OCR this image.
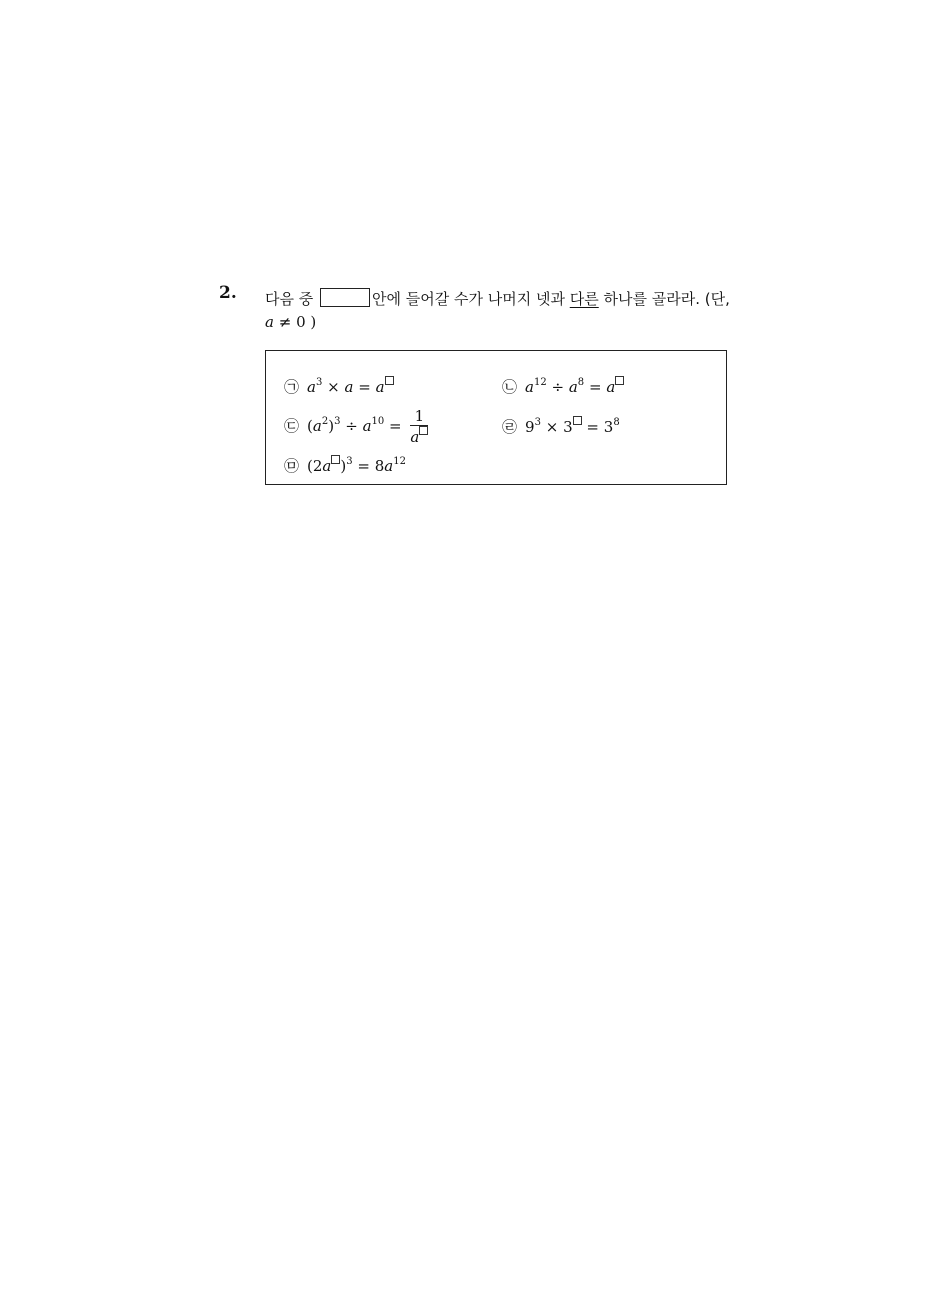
2. 다음 중	안에 들어갈 수가 나머지 넷과 다른 하나를 골라라. (단,
a ≠ 0 )
㉠ $a^3 \times a = a$	㉡ $a^{12} \div a^8 = a$
㉢ $(a^2)^3 \div a^{10} = \frac{1}{a}$	㉣ $9^3 \times 3 = 3^8$
㉤ (2a )$^3 = 8a^{12}$
